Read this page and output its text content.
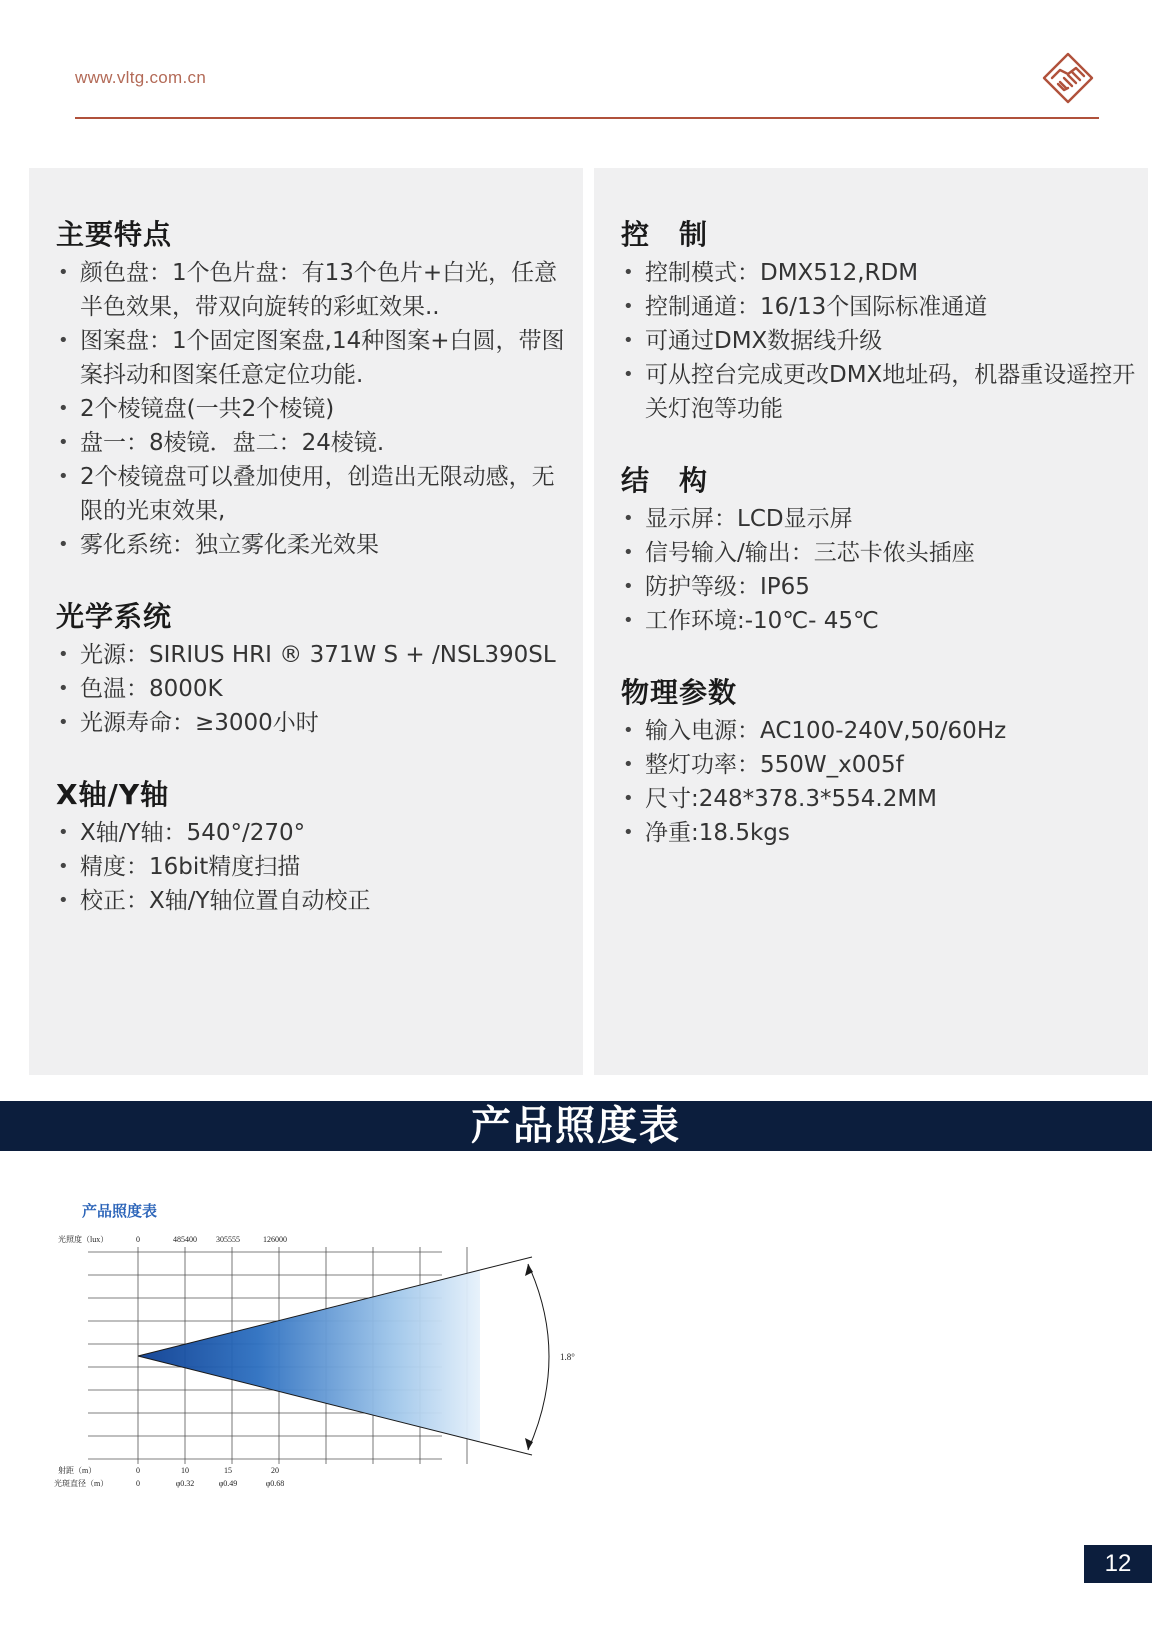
www.vltg.com.cn
主要特点
• 颜色盘：1个色片盘：有13个色片+白光，任意半色效果，带双向旋转的彩虹效果..
• 图案盘：1个固定图案盘,14种图案+白圆，带图案抖动和图案任意定位功能.
• 2个棱镜盘(一共2个棱镜)
• 盘一：8棱镜．盘二：24棱镜.
• 2个棱镜盘可以叠加使用，创造出无限动感，无限的光束效果,
• 雾化系统：独立雾化柔光效果
光学系统
• 光源：SIRIUS HRI ® 371W S + /NSL390SL
• 色温：8000K
• 光源寿命：≥3000小时
X轴/Y轴
• X轴/Y轴：540°/270°
• 精度：16bit精度扫描
• 校正：X轴/Y轴位置自动校正
控　制
• 控制模式：DMX512,RDM
• 控制通道：16/13个国际标准通道
• 可通过DMX数据线升级
• 可从控台完成更改DMX地址码，机器重设遥控开关灯泡等功能
结　构
• 显示屏：LCD显示屏
• 信号输入/输出：三芯卡侬头插座
• 防护等级：IP65
• 工作环境:-10℃- 45℃
物理参数
• 输入电源：AC100-240V,50/60Hz
• 整灯功率：550W_x005f
• 尺寸:248*378.3*554.2MM
• 净重:18.5kgs
产品照度表
产品照度表
光照度（lux）	0	485400 305555	126000
1.8°
射距（m）
光斑直径（m）
0	10	15	20
0	φ0.32	φ0.49	φ0.68
12
